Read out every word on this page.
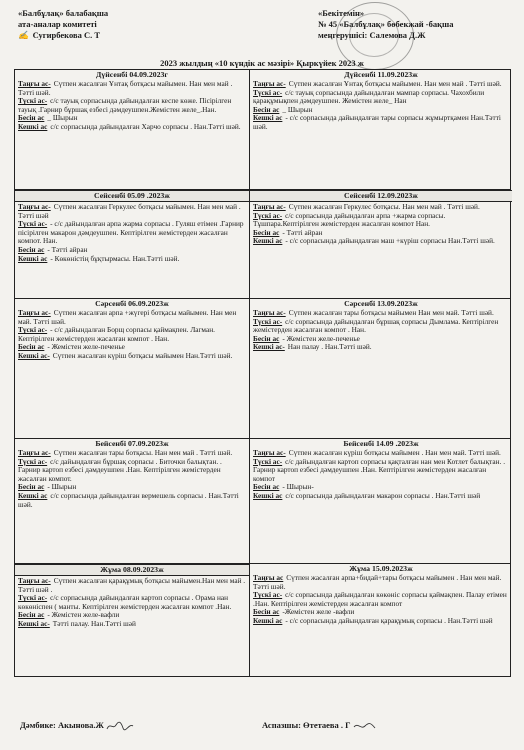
«Балбұлақ» балабақша
ата-аналар комитеті
✍ Сугирбекова С. Т
«Бекітемін»
№ 45 «Балбұлақ» бөбекжай -бақша
меңгерушісі: Салемова Д.Ж
2023 жылдың «10 күндік ас мәзірі» Қыркүйек 2023 ж
Дүйсенбі 04.09.2023г
Таңғы ас- Сүтпен жасалған Ұнтақ ботқасы майымен. Нан мен май . Тәтті шәй.
Түскі ас- с/с тауық сорпасында дайындалған кеспе көже. Пісірілген тауық .Гарнир бұршақ езбесі дәмдеушпен.Жемістен желе_.Нан.
Бесін ас _ Шырын
Кешкі ас с/с сорпасында дайындалған Харчо сорпасы . Нан.Тәтті шәй.
Дүйсенбі 11.09.2023ж
Таңғы ас- Сүтпен жасалған Ұнтақ ботқасы майымен. Нан мен май . Тәтті шәй.
Түскі ас- с/с тауық сорпасында дайындалған мампар сорпасы. Чахохбили қарақұмықпен дәмдеушпен. Жемістен желе_ Нан
Бесін ас _ Шырын
Кешкі ас - с/с сорпасында дайындалған тары сорпасы жұмыртқамен Нан.Тәтті шәй.
Сейсенбі 05.09 .2023ж
Таңғы ас- Сүтпен жасалған Геркулес ботқасы майымен. Нан мен май . Тәтті шәй
Түскі ас- - с/с дайындалған арпа жарма сорпасы . Гуляш етімен .Гарнир пісірілген макарон дәмдеушпен. Кептірілген жемістерден жасалған компот. Нан.
Бесін ас - Тәтті айран
Кешкі ас - Көкөністің бұқтырмасы. Нан.Тәтті шәй.
Сейсенбі 12.09.2023ж
Таңғы ас- Сүтпен жасалған Геркулес ботқасы. Нан мен май . Тәтті шәй.
Түскі ас- с/с сорпасында дайындалған арпа +жарма сорпасы. Тұшпара.Кептірілген жемістерден жасалған компот Нан.
Бесін ас - Тәтті айран
Кешкі ас - с/с сорпасында дайындалған маш +күріш сорпасы Нан.Тәтті шәй.
Сәрсенбі 06.09.2023ж
Таңғы ас- Сүтпен жасалған арпа +жүгері ботқасы майымен. Нан мен май. Тәтті шәй.
Түскі ас- - с/с дайындалған Борщ сорпасы қаймақпен. Лагман. Кептірілген жемістерден жасалған компот . Нан.
Бесін ас - Жемістен желе-печенье
Кешкі ас- Сүтпен жасалған күріш ботқасы майымен Нан.Тәтті шәй.
Сәрсенбі 13.09.2023ж
Таңғы ас- Сүтпен жасалған тары ботқасы майымен Нан мен май. Тәтті шәй.
Түскі ас- с/с сорпасында дайындалған бұршақ сорпасы Дымлама. Кептірілген жемістерден жасалған компот . Нан.
Бесін ас - Жемістен желе-печенье
Кешкі ас- Нан палау . Нан.Тәтті шәй.
Бейсенбі 07.09.2023ж
Таңғы ас- Сүтпен жасалған тары ботқасы. Нан мен май . Тәтті шәй.
Түскі ас- с/с дайындалған бұршақ сорпасы . Биточки балықтан. . Гарнир картоп езбесі дәмдеушпен .Нан. Кептірілген жемістерден жасалған компот.
Бесін ас - Шырын
Кешкі ас с/с сорпасында дайындалған вермешель сорпасы . Нан.Тәтті шәй.
Бейсенбі 14.09 .2023ж
Таңғы ас- Сүтпен жасалған күріш ботқасы майымен . Нан мен май. Тәтті шәй.
Түскі ас- с/с дайындалған картоп сорпасы қақталған нан мен Котлет балықтан. . Гарнир картоп езбесі дәмдеушпен .Нан. Кептірілген жемістерден жасалған компот
Бесін ас - Шырын-
Кешкі ас с/с сорпасында дайындалған макарон сорпасы . Нан.Тәтті шәй
Жұма 08.09.2023ж
Таңғы ас- Сүтпен жасалған қарақұмық ботқасы майымен.Нан мен май . Тәтті шәй .
Түскі ас- с/с сорпасында дайындалған картоп сорпасы . Орама нан көкөніспен ( манты. Кептірілген жемістерден жасалған компот .Нан.
Бесін ас - Жемістен желе-вафли
Кешкі ас- Тәтті палау. Нан.Тәтті шәй
Жұма 15.09.2023ж
Таңғы ас Сүтпен жасалған арпа+бидай+тары ботқасы майымен . Нан мен май. Тәтті шәй.
Түскі ас- с/с сорпасында дайындалған көкөніс сорпасы қаймақпен. Палау етімен .Нан. Кептірілген жемістерден жасалған компот
Бесін ас -Жемістен желе -вафли
Кешкі ас - с/с сорпасында дайындалған қарақұмық сорпасы . Нан.Тәтті шәй
Дәмбике: Акынова.Ж	Аспазшы: Өтетаева . Г
